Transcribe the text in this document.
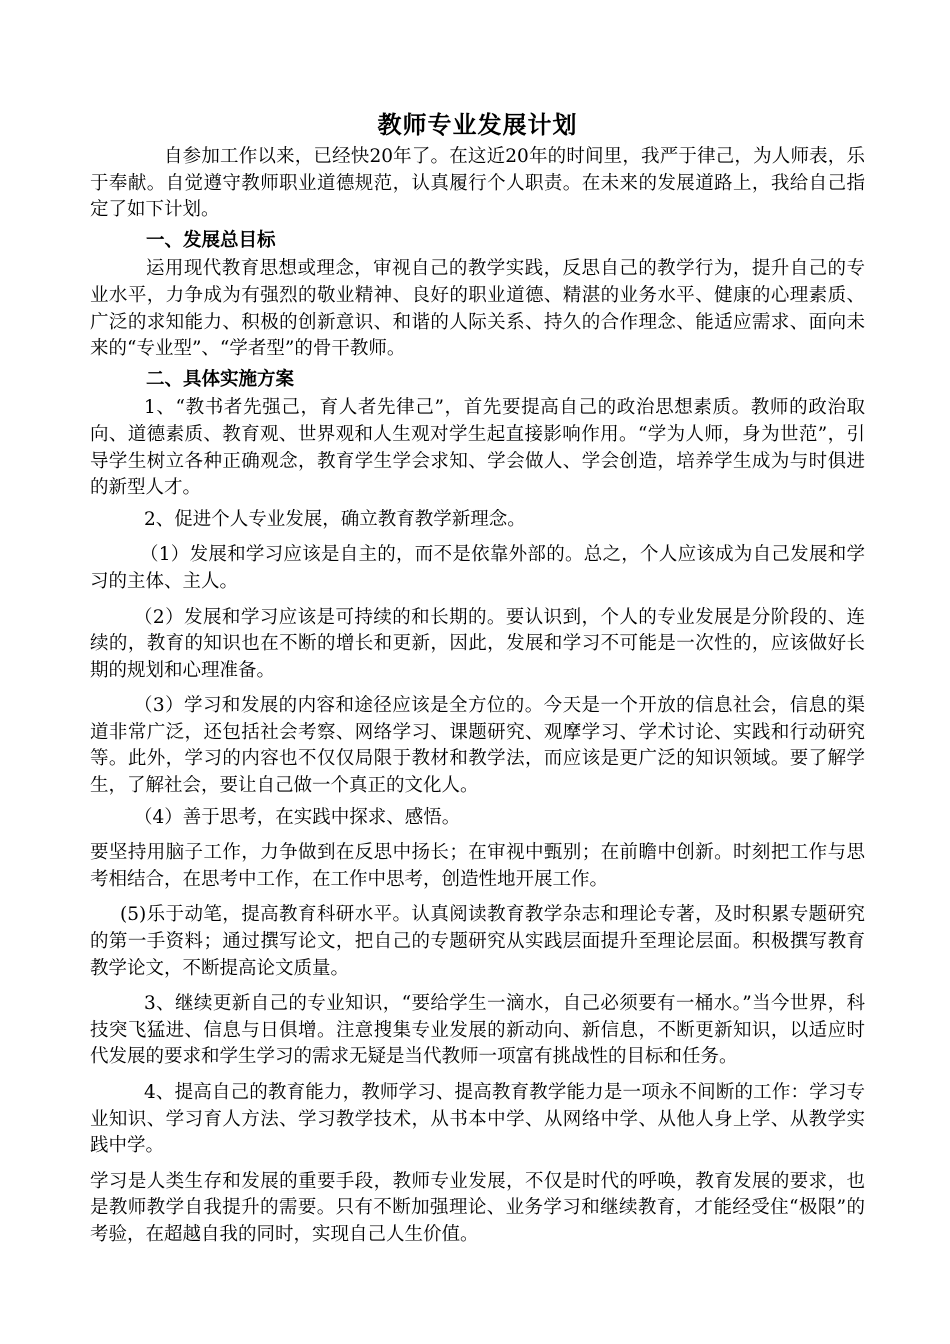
教师专业发展计划

自参加工作以来，已经快20年了。在这近20年的时间里，我严于律己，为人师表，乐于奉献。自觉遵守教师职业道德规范，认真履行个人职责。在未来的发展道路上，我给自己指定了如下计划。

一、发展总目标

运用现代教育思想或理念，审视自己的教学实践，反思自己的教学行为，提升自己的专业水平，力争成为有强烈的敬业精神、良好的职业道德、精湛的业务水平、健康的心理素质、广泛的求知能力、积极的创新意识、和谐的人际关系、持久的合作理念、能适应需求、面向未来的“专业型”、“学者型”的骨干教师。

二、具体实施方案

1、“教书者先强己，育人者先律己”，首先要提高自己的政治思想素质。教师的政治取向、道德素质、教育观、世界观和人生观对学生起直接影响作用。“学为人师，身为世范”，引导学生树立各种正确观念，教育学生学会求知、学会做人、学会创造，培养学生成为与时俱进的新型人才。

2、促进个人专业发展，确立教育教学新理念。

（1）发展和学习应该是自主的，而不是依靠外部的。总之，个人应该成为自己发展和学习的主体、主人。

（2）发展和学习应该是可持续的和长期的。要认识到，个人的专业发展是分阶段的、连续的，教育的知识也在不断的增长和更新，因此，发展和学习不可能是一次性的，应该做好长期的规划和心理准备。

（3）学习和发展的内容和途径应该是全方位的。今天是一个开放的信息社会，信息的渠道非常广泛，还包括社会考察、网络学习、课题研究、观摩学习、学术讨论、实践和行动研究等。此外，学习的内容也不仅仅局限于教材和教学法，而应该是更广泛的知识领域。要了解学生，了解社会，要让自己做一个真正的文化人。

（4）善于思考，在实践中探求、感悟。

要坚持用脑子工作，力争做到在反思中扬长；在审视中甄别；在前瞻中创新。时刻把工作与思考相结合，在思考中工作，在工作中思考，创造性地开展工作。

(5)乐于动笔，提高教育科研水平。认真阅读教育教学杂志和理论专著，及时积累专题研究的第一手资料；通过撰写论文，把自己的专题研究从实践层面提升至理论层面。积极撰写教育教学论文，不断提高论文质量。

3、继续更新自己的专业知识，“要给学生一滴水，自己必须要有一桶水。”当今世界，科技突飞猛进、信息与日俱增。注意搜集专业发展的新动向、新信息，不断更新知识，以适应时代发展的要求和学生学习的需求无疑是当代教师一项富有挑战性的目标和任务。

4、提高自己的教育能力，教师学习、提高教育教学能力是一项永不间断的工作：学习专业知识、学习育人方法、学习教学技术，从书本中学、从网络中学、从他人身上学、从教学实践中学。

学习是人类生存和发展的重要手段，教师专业发展，不仅是时代的呼唤，教育发展的要求，也是教师教学自我提升的需要。只有不断加强理论、业务学习和继续教育，才能经受住“极限”的考验，在超越自我的同时，实现自己人生价值。
